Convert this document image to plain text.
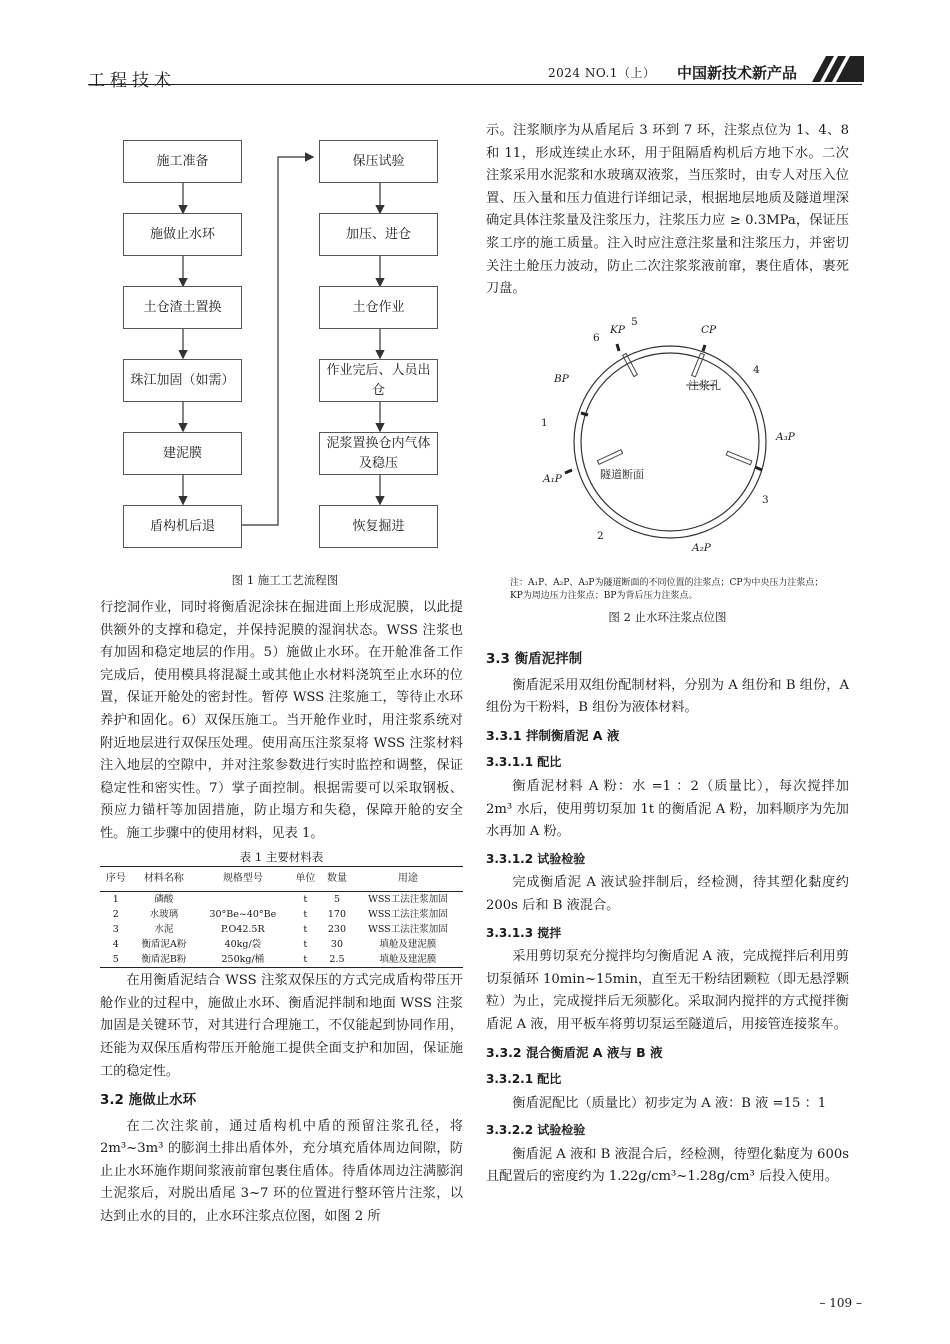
工程技术	2024 NO.1（上） 中国新技术新产品
施工准备
施做止水环
土仓渣土置换
珠江加固（如需）
建泥膜
盾构机后退
保压试验
加压、进仓
土仓作业
作业完后、人员出仓
泥浆置换仓内气体及稳压
恢复掘进
图 1 施工工艺流程图

行挖洞作业，同时将衡盾泥涂抹在掘进面上形成泥膜，以此提供额外的支撑和稳定，并保持泥膜的湿润状态。WSS 注浆也有加固和稳定地层的作用。5）施做止水环。在开舱准备工作完成后，使用模具将混凝土或其他止水材料浇筑至止水环的位置，保证开舱处的密封性。暂停 WSS 注浆施工，等待止水环养护和固化。6）双保压施工。当开舱作业时，用注浆系统对附近地层进行双保压处理。使用高压注浆泵将 WSS 注浆材料注入地层的空隙中，并对注浆参数进行实时监控和调整，保证稳定性和密实性。7）掌子面控制。根据需要可以采取钢板、预应力锚杆等加固措施，防止塌方和失稳，保障开舱的安全性。施工步骤中的使用材料，见表 1。

表 1 主要材料表
序号	材料名称	规格型号	单位	数量	用途
1	磷酸		t	5	WSS工法注浆加固
2	水玻璃	30°Be~40°Be	t	170	WSS工法注浆加固
3	水泥	P.O42.5R	t	230	WSS工法注浆加固
4	衡盾泥A粉	40kg/袋	t	30	填舱及建泥膜
5	衡盾泥B粉	250kg/桶	t	2.5	填舱及建泥膜

在用衡盾泥结合 WSS 注浆双保压的方式完成盾构带压开舱作业的过程中，施做止水环、衡盾泥拌制和地面 WSS 注浆加固是关键环节，对其进行合理施工，不仅能起到协同作用，还能为双保压盾构带压开舱施工提供全面支护和加固，保证施工的稳定性。

3.2 施做止水环

在二次注浆前，通过盾构机中盾的预留注浆孔径，将 2m³~3m³ 的膨润土排出盾体外，充分填充盾体周边间隙，防止止水环施作期间浆液前窜包裹住盾体。待盾体周边注满膨润土泥浆后，对脱出盾尾 3~7 环的位置进行整环管片注浆，以达到止水的目的，止水环注浆点位图，如图 2 所

示。注浆顺序为从盾尾后 3 环到 7 环，注浆点位为 1、4、8 和 11，形成连续止水环，用于阻隔盾构机后方地下水。二次注浆采用水泥浆和水玻璃双液浆，当压浆时，由专人对压入位置、压入量和压力值进行详细记录，根据地层地质及隧道埋深确定具体注浆量及注浆压力，注浆压力应 ≥ 0.3MPa，保证压浆工序的施工质量。注入时应注意注浆量和注浆压力，并密切关注土舱压力波动，防止二次注浆浆液前窜，裹住盾体，裹死刀盘。

隧道断面
注浆孔
KP	CP
BP
A₁P
A₂P
A₃P
1
2
3
4
5
6
注：A₁P、A₂P、A₃P为隧道断面的不同位置的注浆点；CP为中央压力注浆点；KP为周边压力注浆点；BP为背后压力注浆点。
图 2 止水环注浆点位图
3.3 衡盾泥拌制

衡盾泥采用双组份配制材料，分别为 A 组份和 B 组份，A 组份为干粉料，B 组份为液体材料。

3.3.1 拌制衡盾泥 A 液
3.3.1.1 配比

衡盾泥材料 A 粉：水 =1 ：2（质量比），每次搅拌加 2m³ 水后，使用剪切泵加 1t 的衡盾泥 A 粉，加料顺序为先加水再加 A 粉。

3.3.1.2 试验检验

完成衡盾泥 A 液试验拌制后，经检测，待其塑化黏度约 200s 后和 B 液混合。

3.3.1.3 搅拌

采用剪切泵充分搅拌均匀衡盾泥 A 液，完成搅拌后利用剪切泵循环 10min~15min，直至无干粉结团颗粒（即无悬浮颗粒）为止，完成搅拌后无须膨化。采取洞内搅拌的方式搅拌衡盾泥 A 液，用平板车将剪切泵运至隧道后，用接管连接浆车。

3.3.2 混合衡盾泥 A 液与 B 液
3.3.2.1 配比

衡盾泥配比（质量比）初步定为 A 液：B 液 =15 ：1

3.3.2.2 试验检验

衡盾泥 A 液和 B 液混合后，经检测，待塑化黏度为 600s 且配置后的密度约为 1.22g/cm³~1.28g/cm³ 后投入使用。

– 109 –
